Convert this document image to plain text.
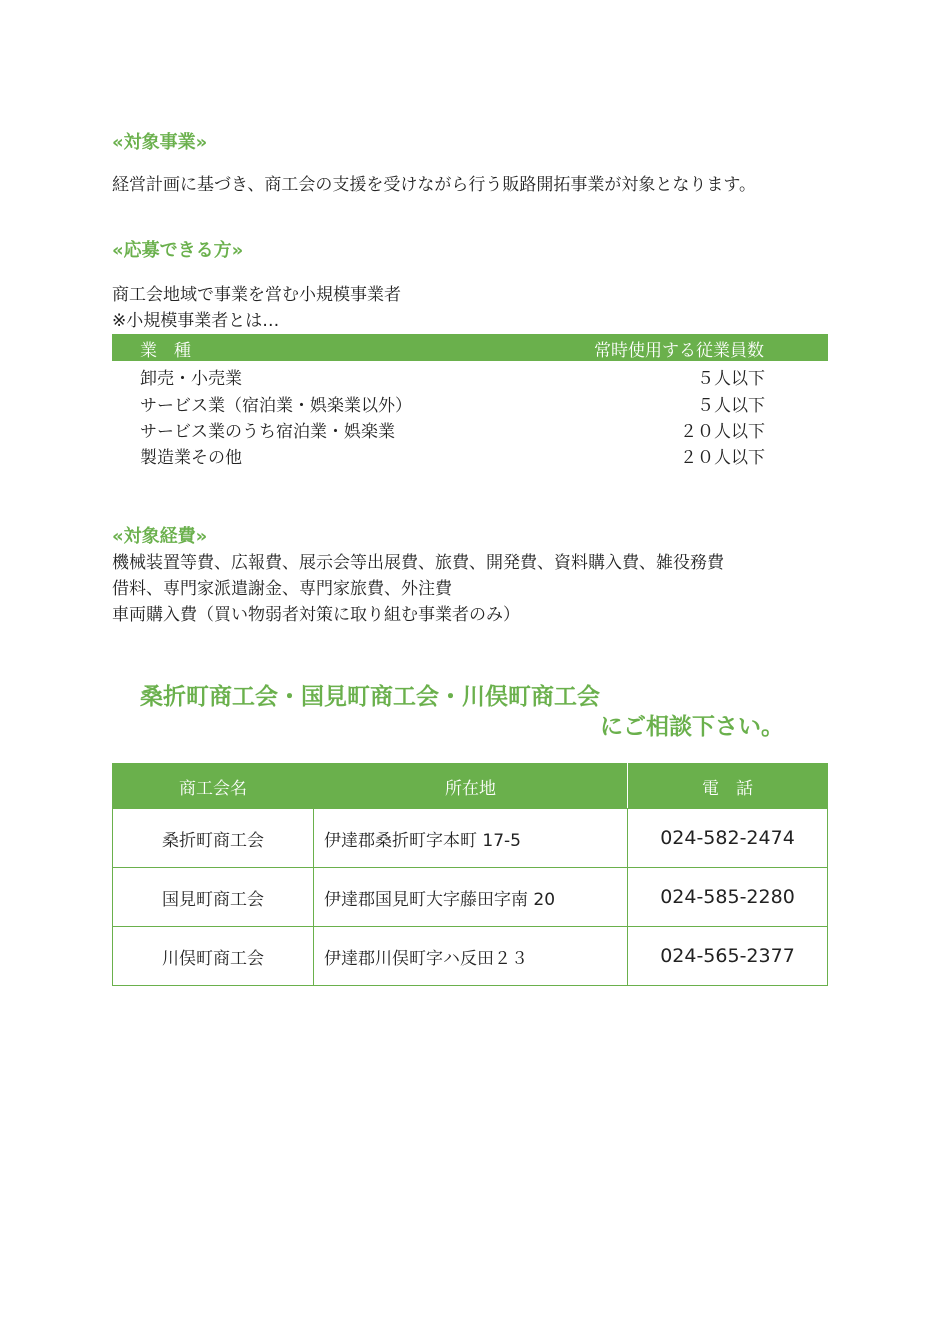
«対象事業»
経営計画に基づき、商工会の支援を受けながら行う販路開拓事業が対象となります。
«応募できる方»
商工会地域で事業を営む小規模事業者
※小規模事業者とは…
業　種	常時使用する従業員数
卸売・小売業	５人以下
サービス業（宿泊業・娯楽業以外）	５人以下
サービス業のうち宿泊業・娯楽業	２０人以下
製造業その他	２０人以下
«対象経費»
機械装置等費、広報費、展示会等出展費、旅費、開発費、資料購入費、雑役務費
借料、専門家派遣謝金、専門家旅費、外注費
車両購入費（買い物弱者対策に取り組む事業者のみ）
桑折町商工会・国見町商工会・川俣町商工会
にご相談下さい。
商工会名	所在地	電　話
桑折町商工会	伊達郡桑折町字本町 17-5	024-582-2474
国見町商工会	伊達郡国見町大字藤田字南 20	024-585-2280
川俣町商工会	伊達郡川俣町字ハ反田２３	024-565-2377
